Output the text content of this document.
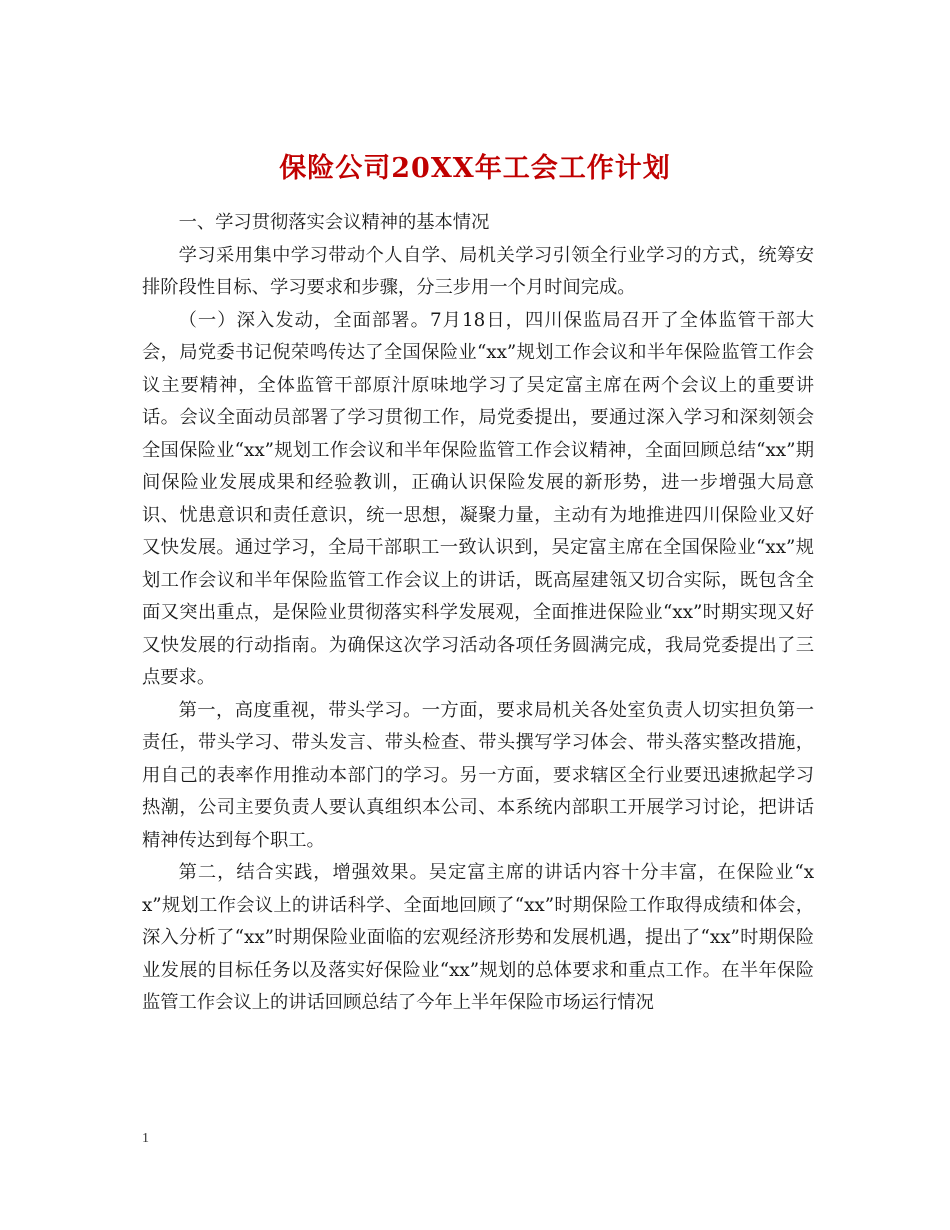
保险公司20XX年工会工作计划

一、学习贯彻落实会议精神的基本情况

学习采用集中学习带动个人自学、局机关学习引领全行业学习的方式，统筹安排阶段性目标、学习要求和步骤，分三步用一个月时间完成。

（一）深入发动，全面部署。7月18日，四川保监局召开了全体监管干部大会，局党委书记倪荣鸣传达了全国保险业“xx”规划工作会议和半年保险监管工作会议主要精神，全体监管干部原汁原味地学习了吴定富主席在两个会议上的重要讲话。会议全面动员部署了学习贯彻工作，局党委提出，要通过深入学习和深刻领会全国保险业“xx”规划工作会议和半年保险监管工作会议精神，全面回顾总结“xx”期间保险业发展成果和经验教训，正确认识保险发展的新形势，进一步增强大局意识、忧患意识和责任意识，统一思想，凝聚力量，主动有为地推进四川保险业又好又快发展。通过学习，全局干部职工一致认识到，吴定富主席在全国保险业“xx”规划工作会议和半年保险监管工作会议上的讲话，既高屋建瓴又切合实际，既包含全面又突出重点，是保险业贯彻落实科学发展观，全面推进保险业“xx”时期实现又好又快发展的行动指南。为确保这次学习活动各项任务圆满完成，我局党委提出了三点要求。

第一，高度重视，带头学习。一方面，要求局机关各处室负责人切实担负第一责任，带头学习、带头发言、带头检查、带头撰写学习体会、带头落实整改措施，用自己的表率作用推动本部门的学习。另一方面，要求辖区全行业要迅速掀起学习热潮，公司主要负责人要认真组织本公司、本系统内部职工开展学习讨论，把讲话精神传达到每个职工。

第二，结合实践，增强效果。吴定富主席的讲话内容十分丰富，在保险业“xx”规划工作会议上的讲话科学、全面地回顾了“xx”时期保险工作取得成绩和体会，深入分析了“xx”时期保险业面临的宏观经济形势和发展机遇，提出了“xx”时期保险业发展的目标任务以及落实好保险业“xx”规划的总体要求和重点工作。在半年保险监管工作会议上的讲话回顾总结了今年上半年保险市场运行情况

1
